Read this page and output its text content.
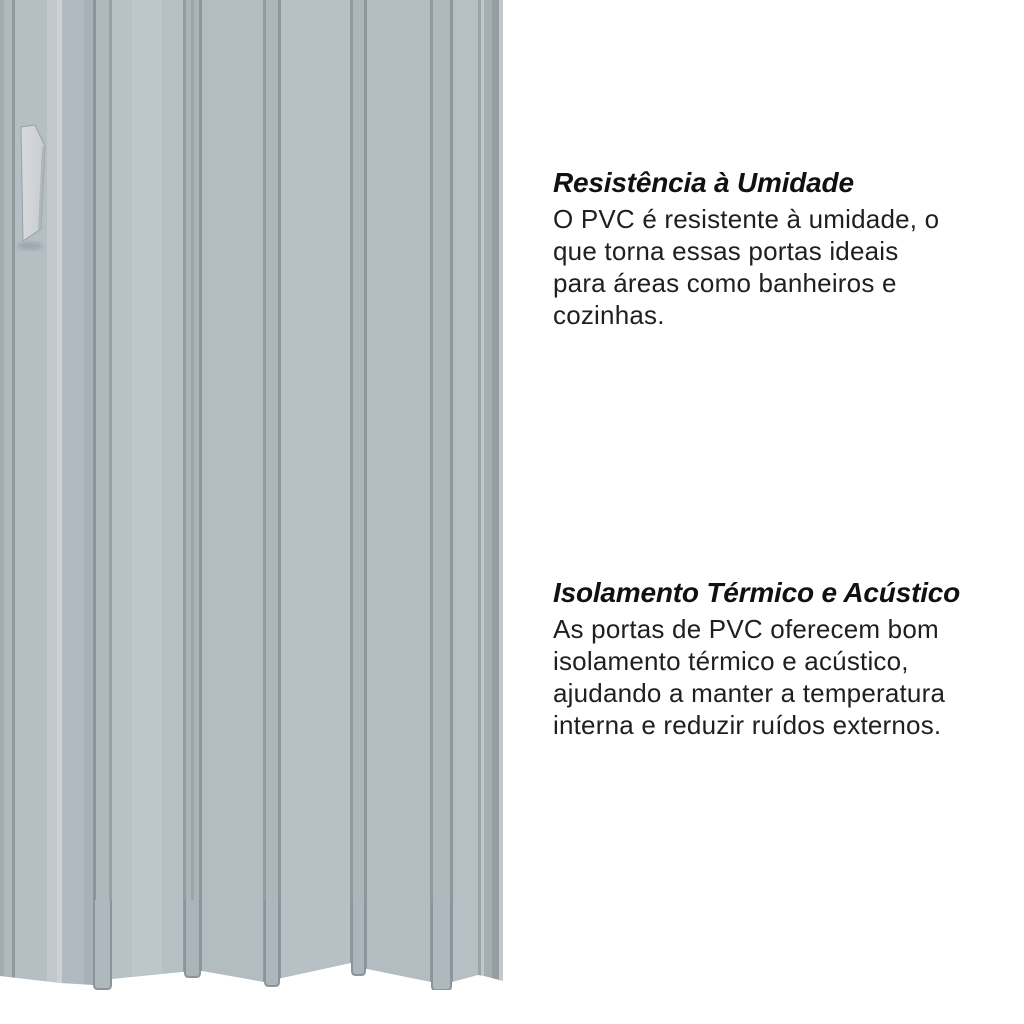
Resistência à Umidade

O PVC é resistente à umidade, o

que torna essas portas ideais

para áreas como banheiros e

cozinhas.

Isolamento Térmico e Acústico

As portas de PVC oferecem bom

isolamento térmico e acústico,

ajudando a manter a temperatura

interna e reduzir ruídos externos.
